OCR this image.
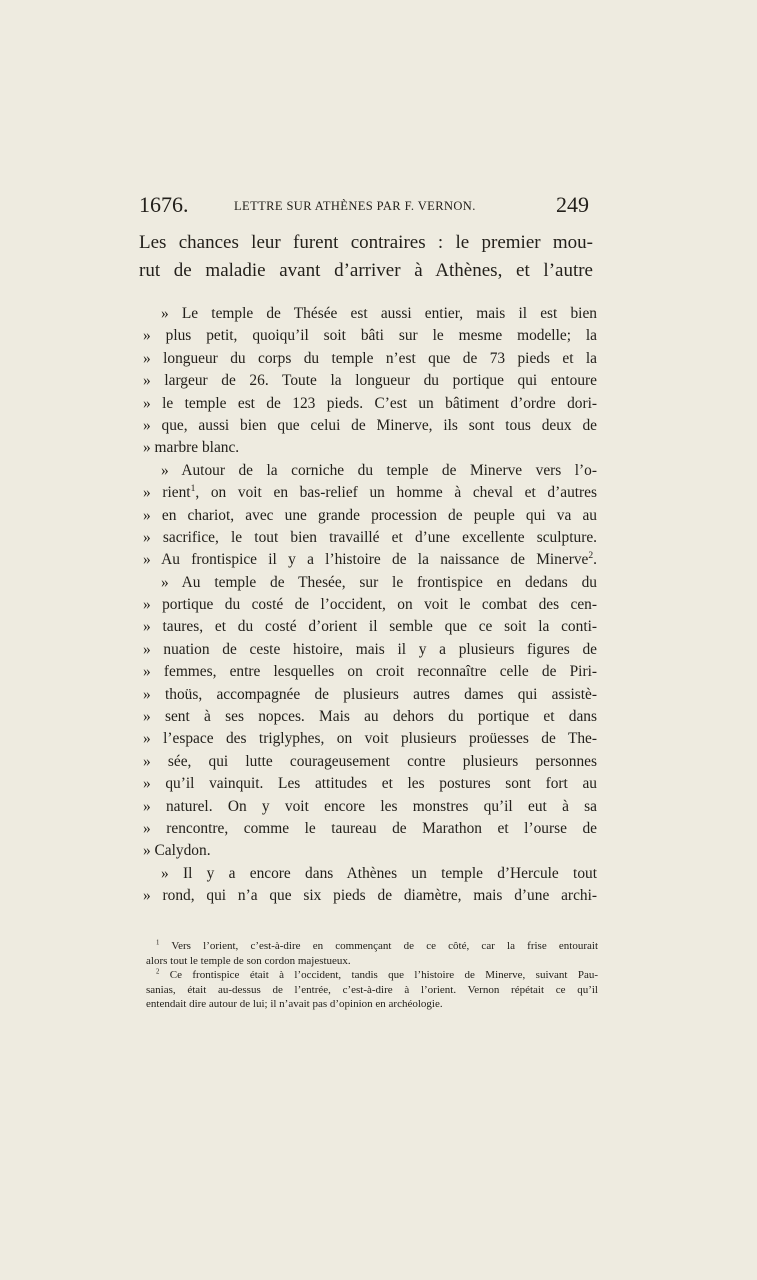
1676.	LETTRE SUR ATHÈNES PAR F. VERNON.	249
Les chances leur furent contraires : le premier mou-
rut de maladie avant d’arriver à Athènes, et l’autre
» Le temple de Thésée est aussi entier, mais il est bien
» plus petit, quoiqu’il soit bâti sur le mesme modelle; la
» longueur du corps du temple n’est que de 73 pieds et la
» largeur de 26. Toute la longueur du portique qui entoure
» le temple est de 123 pieds. C’est un bâtiment d’ordre dori-
» que, aussi bien que celui de Minerve, ils sont tous deux de
» marbre blanc.
» Autour de la corniche du temple de Minerve vers l’o-
» rient$^1$, on voit en bas-relief un homme à cheval et d’autres
» en chariot, avec une grande procession de peuple qui va au
» sacrifice, le tout bien travaillé et d’une excellente sculpture.
» Au frontispice il y a l’histoire de la naissance de Minerve$^2$.
» Au temple de Thesée, sur le frontispice en dedans du
» portique du costé de l’occident, on voit le combat des cen-
» taures, et du costé d’orient il semble que ce soit la conti-
» nuation de ceste histoire, mais il y a plusieurs figures de
» femmes, entre lesquelles on croit reconnaître celle de Piri-
» thoüs, accompagnée de plusieurs autres dames qui assistè-
» sent à ses nopces. Mais au dehors du portique et dans
» l’espace des triglyphes, on voit plusieurs proüesses de The-
» sée, qui lutte courageusement contre plusieurs personnes
» qu’il vainquit. Les attitudes et les postures sont fort au
» naturel. On y voit encore les monstres qu’il eut à sa
» rencontre, comme le taureau de Marathon et l’ourse de
» Calydon.
» Il y a encore dans Athènes un temple d’Hercule tout
» rond, qui n’a que six pieds de diamètre, mais d’une archi-
$^1$ Vers l’orient, c’est-à-dire en commençant de ce côté, car la frise entourait
alors tout le temple de son cordon majestueux.
$^2$ Ce frontispice était à l’occident, tandis que l’histoire de Minerve, suivant Pau-
sanias, était au-dessus de l’entrée, c’est-à-dire à l’orient. Vernon répétait ce qu’il
entendait dire autour de lui; il n’avait pas d’opinion en archéologie.
